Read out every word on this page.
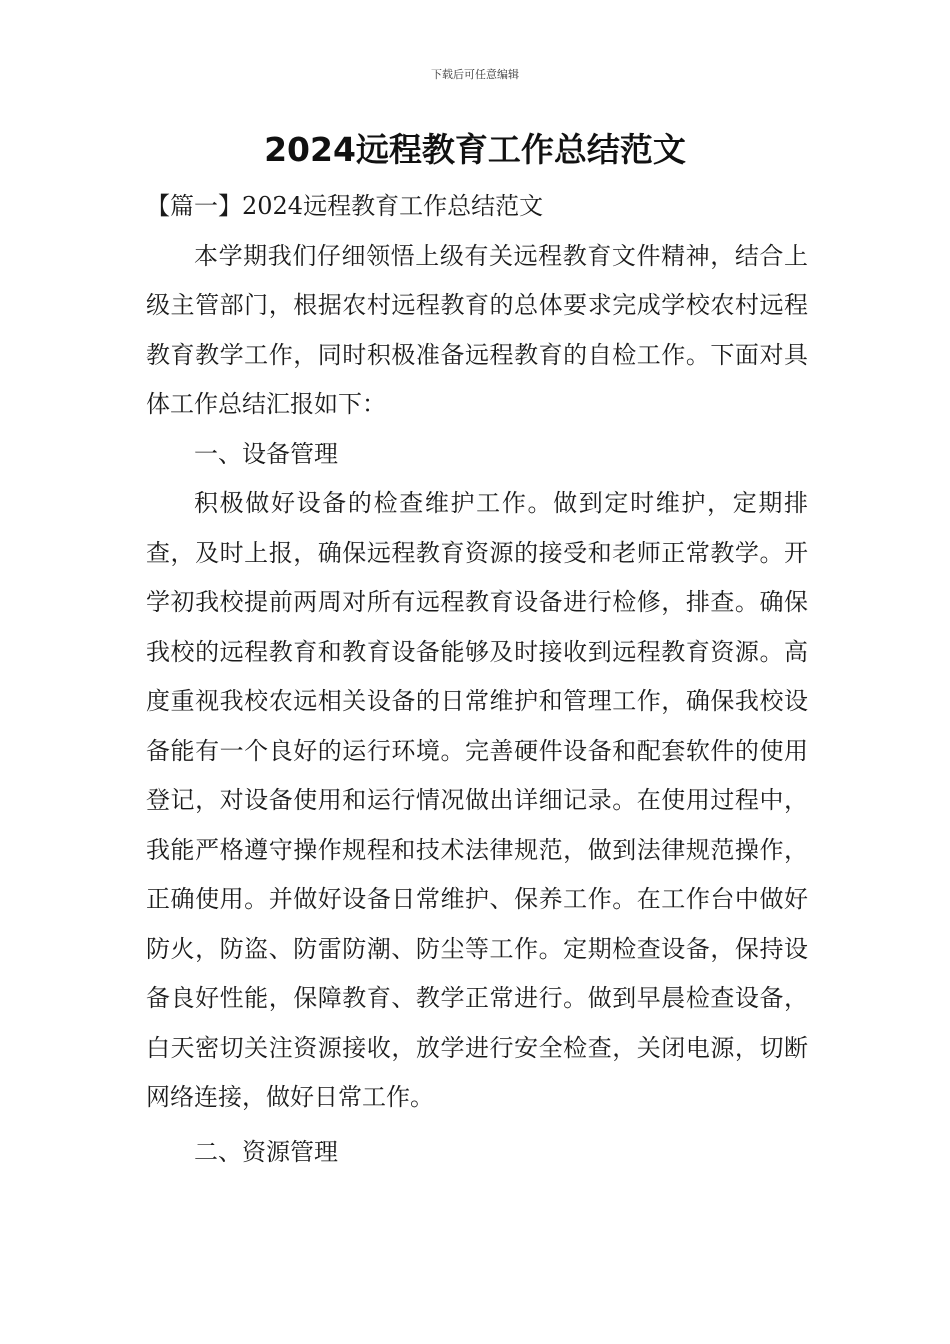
下载后可任意编辑
2024远程教育工作总结范文

【篇一】2024远程教育工作总结范文

本学期我们仔细领悟上级有关远程教育文件精神，结合上级主管部门，根据农村远程教育的总体要求完成学校农村远程教育教学工作，同时积极准备远程教育的自检工作。下面对具体工作总结汇报如下：

一、设备管理

积极做好设备的检查维护工作。做到定时维护，定期排查，及时上报，确保远程教育资源的接受和老师正常教学。开学初我校提前两周对所有远程教育设备进行检修，排查。确保我校的远程教育和教育设备能够及时接收到远程教育资源。高度重视我校农远相关设备的日常维护和管理工作，确保我校设备能有一个良好的运行环境。完善硬件设备和配套软件的使用登记，对设备使用和运行情况做出详细记录。在使用过程中，我能严格遵守操作规程和技术法律规范，做到法律规范操作，正确使用。并做好设备日常维护、保养工作。在工作台中做好防火，防盗、防雷防潮、防尘等工作。定期检查设备，保持设备良好性能，保障教育、教学正常进行。做到早晨检查设备，白天密切关注资源接收，放学进行安全检查，关闭电源，切断网络连接，做好日常工作。

二、资源管理
